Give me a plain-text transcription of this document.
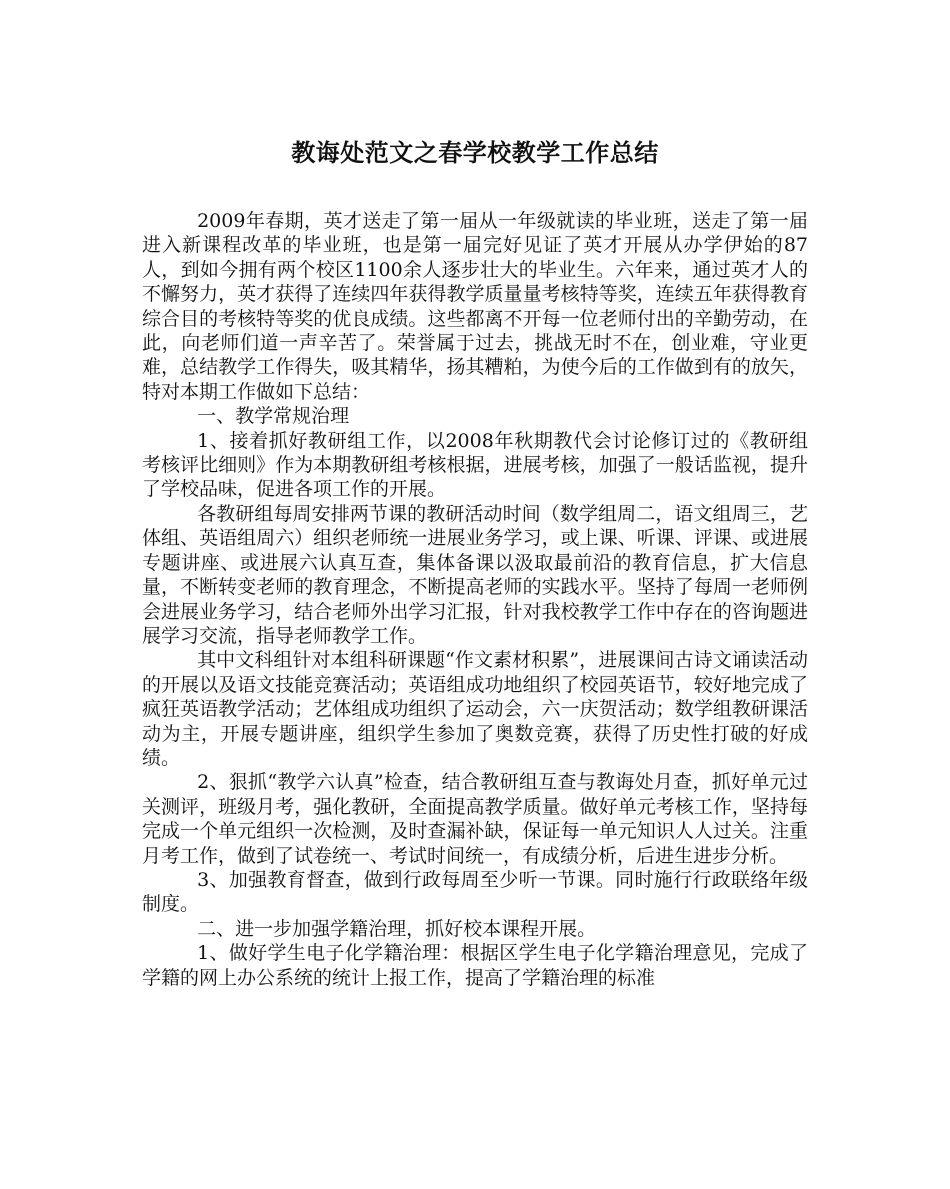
教诲处范文之春学校教学工作总结

2009年春期，英才送走了第一届从一年级就读的毕业班，送走了第一届进入新课程改革的毕业班，也是第一届完好见证了英才开展从办学伊始的87人，到如今拥有两个校区1100余人逐步壮大的毕业生。六年来，通过英才人的不懈努力，英才获得了连续四年获得教学质量量考核特等奖，连续五年获得教育综合目的考核特等奖的优良成绩。这些都离不开每一位老师付出的辛勤劳动，在此，向老师们道一声辛苦了。荣誉属于过去，挑战无时不在，创业难，守业更难，总结教学工作得失，吸其精华，扬其糟粕，为使今后的工作做到有的放矢，特对本期工作做如下总结：

一、教学常规治理

1、接着抓好教研组工作，以2008年秋期教代会讨论修订过的《教研组考核评比细则》作为本期教研组考核根据，进展考核，加强了一般话监视，提升了学校品味，促进各项工作的开展。

各教研组每周安排两节课的教研活动时间（数学组周二，语文组周三，艺体组、英语组周六）组织老师统一进展业务学习，或上课、听课、评课、或进展专题讲座、或进展六认真互查，集体备课以汲取最前沿的教育信息，扩大信息量，不断转变老师的教育理念，不断提高老师的实践水平。坚持了每周一老师例会进展业务学习，结合老师外出学习汇报，针对我校教学工作中存在的咨询题进展学习交流，指导老师教学工作。

其中文科组针对本组科研课题“作文素材积累”，进展课间古诗文诵读活动的开展以及语文技能竞赛活动；英语组成功地组织了校园英语节，较好地完成了疯狂英语教学活动；艺体组成功组织了运动会，六一庆贺活动；数学组教研课活动为主，开展专题讲座，组织学生参加了奥数竞赛，获得了历史性打破的好成绩。

2、狠抓“教学六认真”检查，结合教研组互查与教诲处月查，抓好单元过关测评，班级月考，强化教研，全面提高教学质量。做好单元考核工作，坚持每完成一个单元组织一次检测，及时查漏补缺，保证每一单元知识人人过关。注重月考工作，做到了试卷统一、考试时间统一，有成绩分析，后进生进步分析。

3、加强教育督查，做到行政每周至少听一节课。同时施行行政联络年级制度。

二、进一步加强学籍治理，抓好校本课程开展。

1、做好学生电子化学籍治理：根据区学生电子化学籍治理意见，完成了学籍的网上办公系统的统计上报工作，提高了学籍治理的标准
